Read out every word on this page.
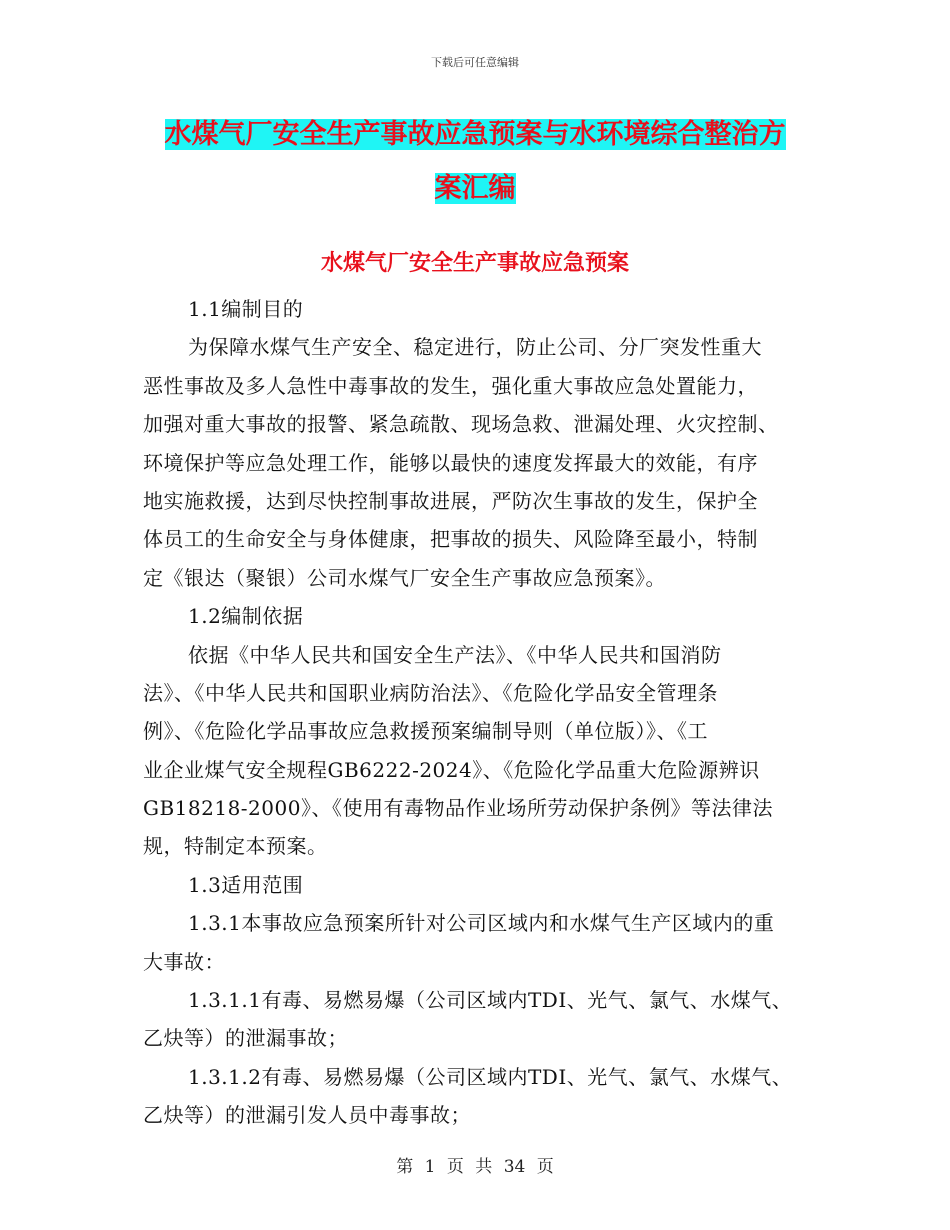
下载后可任意编辑
水煤气厂安全生产事故应急预案与水环境综合整治方
案汇编
水煤气厂安全生产事故应急预案
1.1编制目的
为保障水煤气生产安全、稳定进行，防止公司、分厂突发性重大
恶性事故及多人急性中毒事故的发生，强化重大事故应急处置能力，
加强对重大事故的报警、紧急疏散、现场急救、泄漏处理、火灾控制、
环境保护等应急处理工作，能够以最快的速度发挥最大的效能，有序
地实施救援，达到尽快控制事故进展，严防次生事故的发生，保护全
体员工的生命安全与身体健康，把事故的损失、风险降至最小，特制
定《银达（聚银）公司水煤气厂安全生产事故应急预案》。
1.2编制依据
依据《中华人民共和国安全生产法》、《中华人民共和国消防
法》、《中华人民共和国职业病防治法》、《危险化学品安全管理条
例》、《危险化学品事故应急救援预案编制导则（单位版）》、《工
业企业煤气安全规程GB6222-2024》、《危险化学品重大危险源辨识
GB18218-2000》、《使用有毒物品作业场所劳动保护条例》等法律法
规，特制定本预案。
1.3适用范围
1.3.1本事故应急预案所针对公司区域内和水煤气生产区域内的重
大事故：
1.3.1.1有毒、易燃易爆（公司区域内TDI、光气、氯气、水煤气、
乙炔等）的泄漏事故；
1.3.1.2有毒、易燃易爆（公司区域内TDI、光气、氯气、水煤气、
乙炔等）的泄漏引发人员中毒事故；
第 1 页 共 34 页
